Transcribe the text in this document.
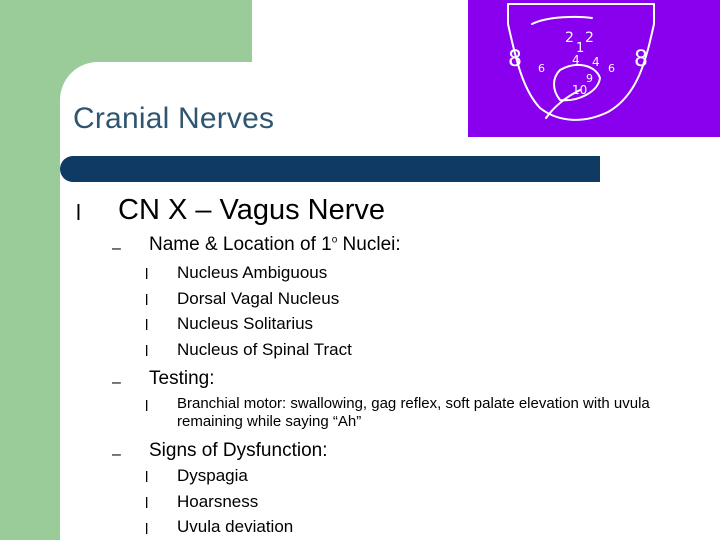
2 2
1
8 6
4 4 6 8
9
10
Cranial Nerves
l CN X – Vagus Nerve
– Name & Location of 1$^o$ Nuclei:
l Nucleus Ambiguous
l Dorsal Vagal Nucleus
l Nucleus Solitarius
l Nucleus of Spinal Tract
– Testing:
l Branchial motor: swallowing, gag reflex, soft palate elevation with uvula remaining while saying “Ah”
– Signs of Dysfunction:
l Dyspagia
l Hoarsness
l Uvula deviation
